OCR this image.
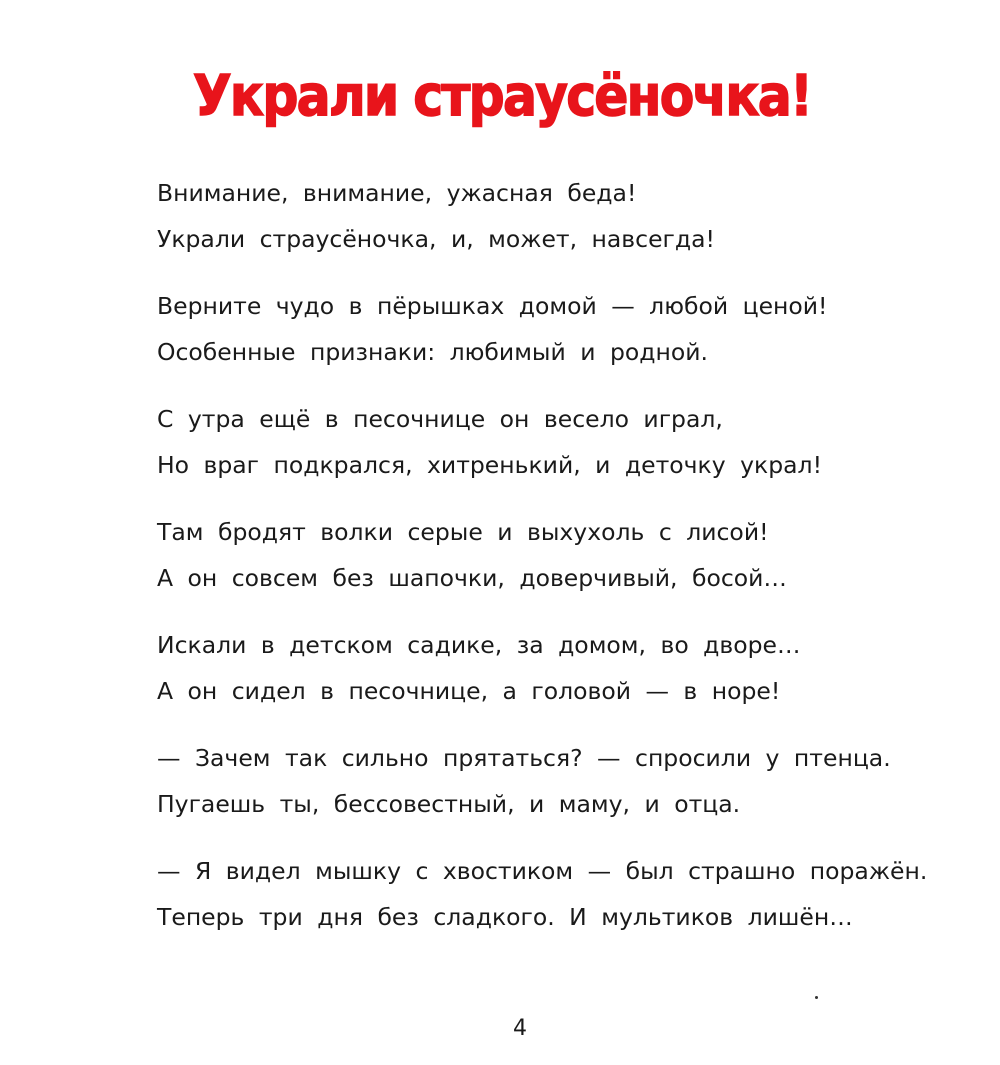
Украли страусёночка!
Внимание, внимание, ужасная беда!
Украли страусёночка, и, может, навсегда!
Верните чудо в пёрышках домой — любой ценой!
Особенные признаки: любимый и родной.
С утра ещё в песочнице он весело играл,
Но враг подкрался, хитренький, и деточку украл!
Там бродят волки серые и выхухоль с лисой!
А он совсем без шапочки, доверчивый, босой…
Искали в детском садике, за домом, во дворе…
А он сидел в песочнице, а головой — в норе!
— Зачем так сильно прятаться? — спросили у птенца.
Пугаешь ты, бессовестный, и маму, и отца.
— Я видел мышку с хвостиком — был страшно поражён.
Теперь три дня без сладкого. И мультиков лишён…
4
